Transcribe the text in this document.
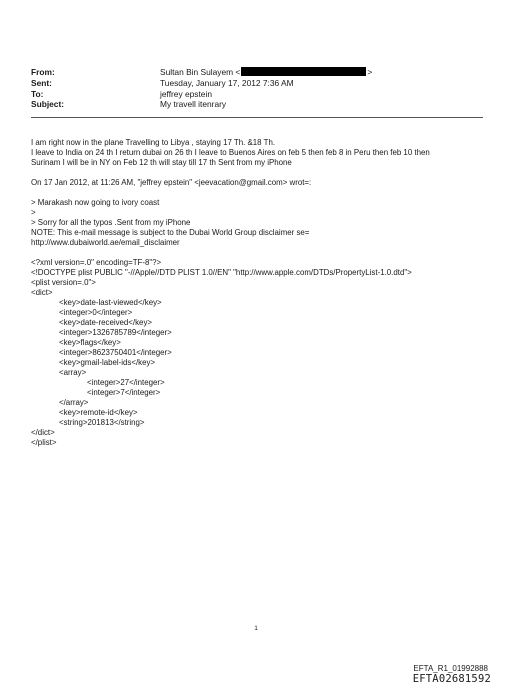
From:	Sultan Bin Sulayem <	>
Sent:	Tuesday, January 17, 2012 7:36 AM
To:	jeffrey epstein
Subject:	My travell itenrary

I am right now in the plane Travelling to Libya , staying 17 Th. &18 Th.

I leave to India on 24 th I return dubai on 26 th I leave to Buenos Aires on feb 5 then feb 8 in Peru then feb 10 then

Surinam I will be in NY on Feb 12 th will stay till 17 th Sent from my iPhone

On 17 Jan 2012, at 11:26 AM, "jeffrey epstein" <jeevacation@gmail.com> wrot=:

> Marakash now going to ivory coast

>

> Sorry for all the typos .Sent from my iPhone

NOTE: This e-mail message is subject to the Dubai World Group disclaimer se=

http://www.dubaiworld.ae/email_disclaimer

<?xml version=.0" encoding=TF-8"?>

<!DOCTYPE plist PUBLIC "-//Apple//DTD PLIST 1.0//EN" "http://www.apple.com/DTDs/PropertyList-1.0.dtd">

<plist version=.0">

<dict>

<key>date-last-viewed</key>

<integer>0</integer>

<key>date-received</key>

<integer>1326785789</integer>

<key>flags</key>

<integer>8623750401</integer>

<key>gmail-label-ids</key>

<array>

<integer>27</integer>

<integer>7</integer>

</array>

<key>remote-id</key>

<string>201813</string>

</dict>

</plist>

1
EFTA_R1_01992888
EFTA02681592
